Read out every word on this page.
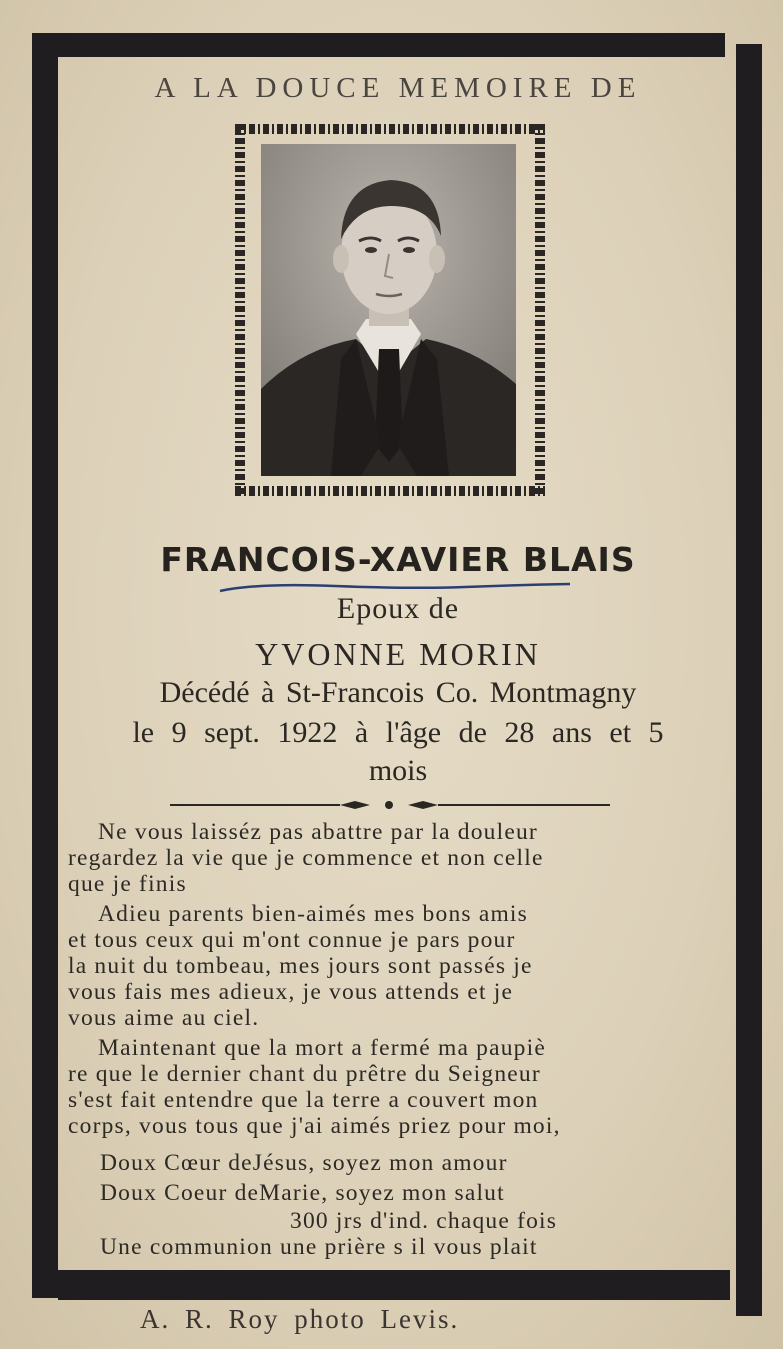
A LA DOUCE MEMOIRE DE
FRANCOIS-XAVIER BLAIS
Epoux de
YVONNE MORIN
Décédé à St-Francois Co. Montmagny
le 9 sept. 1922 à l'âge de 28 ans et 5
mois
Ne vous laisséz pas abattre par la douleur
regardez la vie que je commence et non celle
que je finis
Adieu parents bien-aimés mes bons amis
et tous ceux qui m'ont connue je pars pour
la nuit du tombeau, mes jours sont passés je
vous fais mes adieux, je vous attends et je
vous aime au ciel.
Maintenant que la mort a fermé ma paupiè
re que le dernier chant du prêtre du Seigneur
s'est fait entendre que la terre a couvert mon
corps, vous tous que j'ai aimés priez pour moi,
Doux Cœur deJésus, soyez mon amour
Doux Coeur deMarie, soyez mon salut
300 jrs d'ind. chaque fois
Une communion une prière s il vous plait
A. R. Roy photo Levis.
